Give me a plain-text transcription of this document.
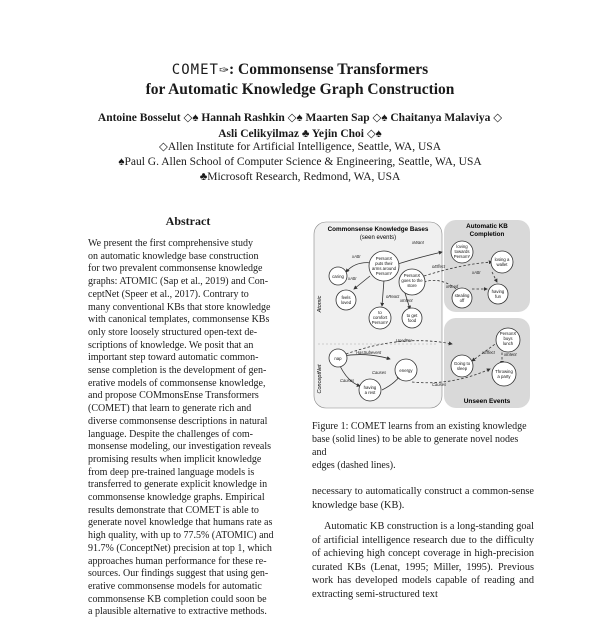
COMET✑: Commonsense Transformers
for Automatic Knowledge Graph Construction
Antoine Bosselut ◇♠ Hannah Rashkin ◇♠ Maarten Sap ◇♠ Chaitanya Malaviya ◇
Asli Celikyilmaz ♣ Yejin Choi ◇♠
◇Allen Institute for Artificial Intelligence, Seattle, WA, USA
♠Paul G. Allen School of Computer Science & Engineering, Seattle, WA, USA
♣Microsoft Research, Redmond, WA, USA
Abstract
We present the first comprehensive study
on automatic knowledge base construction
for two prevalent commonsense knowledge
graphs: ATOMIC (Sap et al., 2019) and Con-
ceptNet (Speer et al., 2017). Contrary to
many conventional KBs that store knowledge
with canonical templates, commonsense KBs
only store loosely structured open-text de-
scriptions of knowledge. We posit that an
important step toward automatic common-
sense completion is the development of gen-
erative models of commonsense knowledge,
and propose COMmonsEnse Transformers
(COMET) that learn to generate rich and
diverse commonsense descriptions in natural
language. Despite the challenges of com-
monsense modeling, our investigation reveals
promising results when implicit knowledge
from deep pre-trained language models is
transferred to generate explicit knowledge in
commonsense knowledge graphs. Empirical
results demonstrate that COMET is able to
generate novel knowledge that humans rate as
high quality, with up to 77.5% (ATOMIC) and
91.7% (ConceptNet) precision at top 1, which
approaches human performance for these re-
sources. Our findings suggest that using gen-
erative commonsense models for automatic
commonsense KB completion could soon be
a plausible alternative to extractive methods.
Commonsense Knowledge Bases
(seen events)
Automatic KB
Completion
Unseen Events
Atomic
ConceptNet
xAttr
xAttr
oReact
xWant
oEffect
xIntent
HasSubevent
Causes
xNeed
UsedFor
Causes
xAttr
xEffect xIntent
Causes
PersonX
puts their
arms around
PersonY
loving
towards
PersonY
losing a
wallet
caring
feels
loved
PersonX
goes to the
store
stealing
off
having
fun
to
comfort
PersonY
to get
food
PersonX
buys
lunch
nap
Going to
sleep
energy
having
a rest
Throwing
a party
Figure 1: COMET learns from an existing knowledge
base (solid lines) to be able to generate novel nodes and
edges (dashed lines).

necessary to automatically construct a common-sense knowledge base (KB).

Automatic KB construction is a long-standing goal of artificial intelligence research due to the difficulty of achieving high concept coverage in high-precision curated KBs (Lenat, 1995; Miller, 1995). Previous work has developed models capable of reading and extracting semi-structured text
